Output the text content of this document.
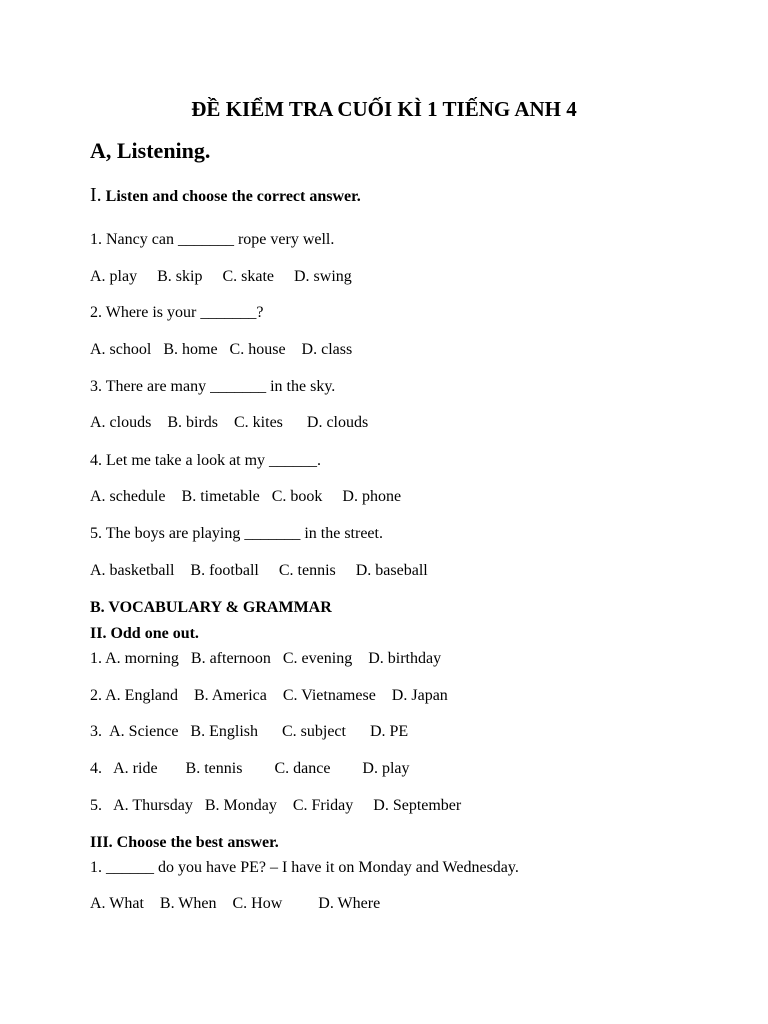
ĐỀ KIỂM TRA CUỐI KÌ 1 TIẾNG ANH 4
A, Listening.
I. Listen and choose the correct answer.
1. Nancy can _______ rope very well.
A. play     B. skip     C. skate     D. swing
2. Where is your _______?
A. school   B. home   C. house    D. class
3. There are many _______ in the sky.
A. clouds    B. birds    C. kites      D. clouds
4. Let me take a look at my ______.
A. schedule    B. timetable   C. book     D. phone
5. The boys are playing _______ in the street.
A. basketball    B. football     C. tennis     D. baseball
B. VOCABULARY & GRAMMAR
II. Odd one out.
1. A. morning   B. afternoon   C. evening    D. birthday
2. A. England    B. America    C. Vietnamese    D. Japan
3.  A. Science   B. English      C. subject      D. PE
4.   A. ride       B. tennis        C. dance        D. play
5.   A. Thursday   B. Monday    C. Friday     D. September
III. Choose the best answer.
1. ______ do you have PE? – I have it on Monday and Wednesday.
A. What    B. When    C. How         D. Where
